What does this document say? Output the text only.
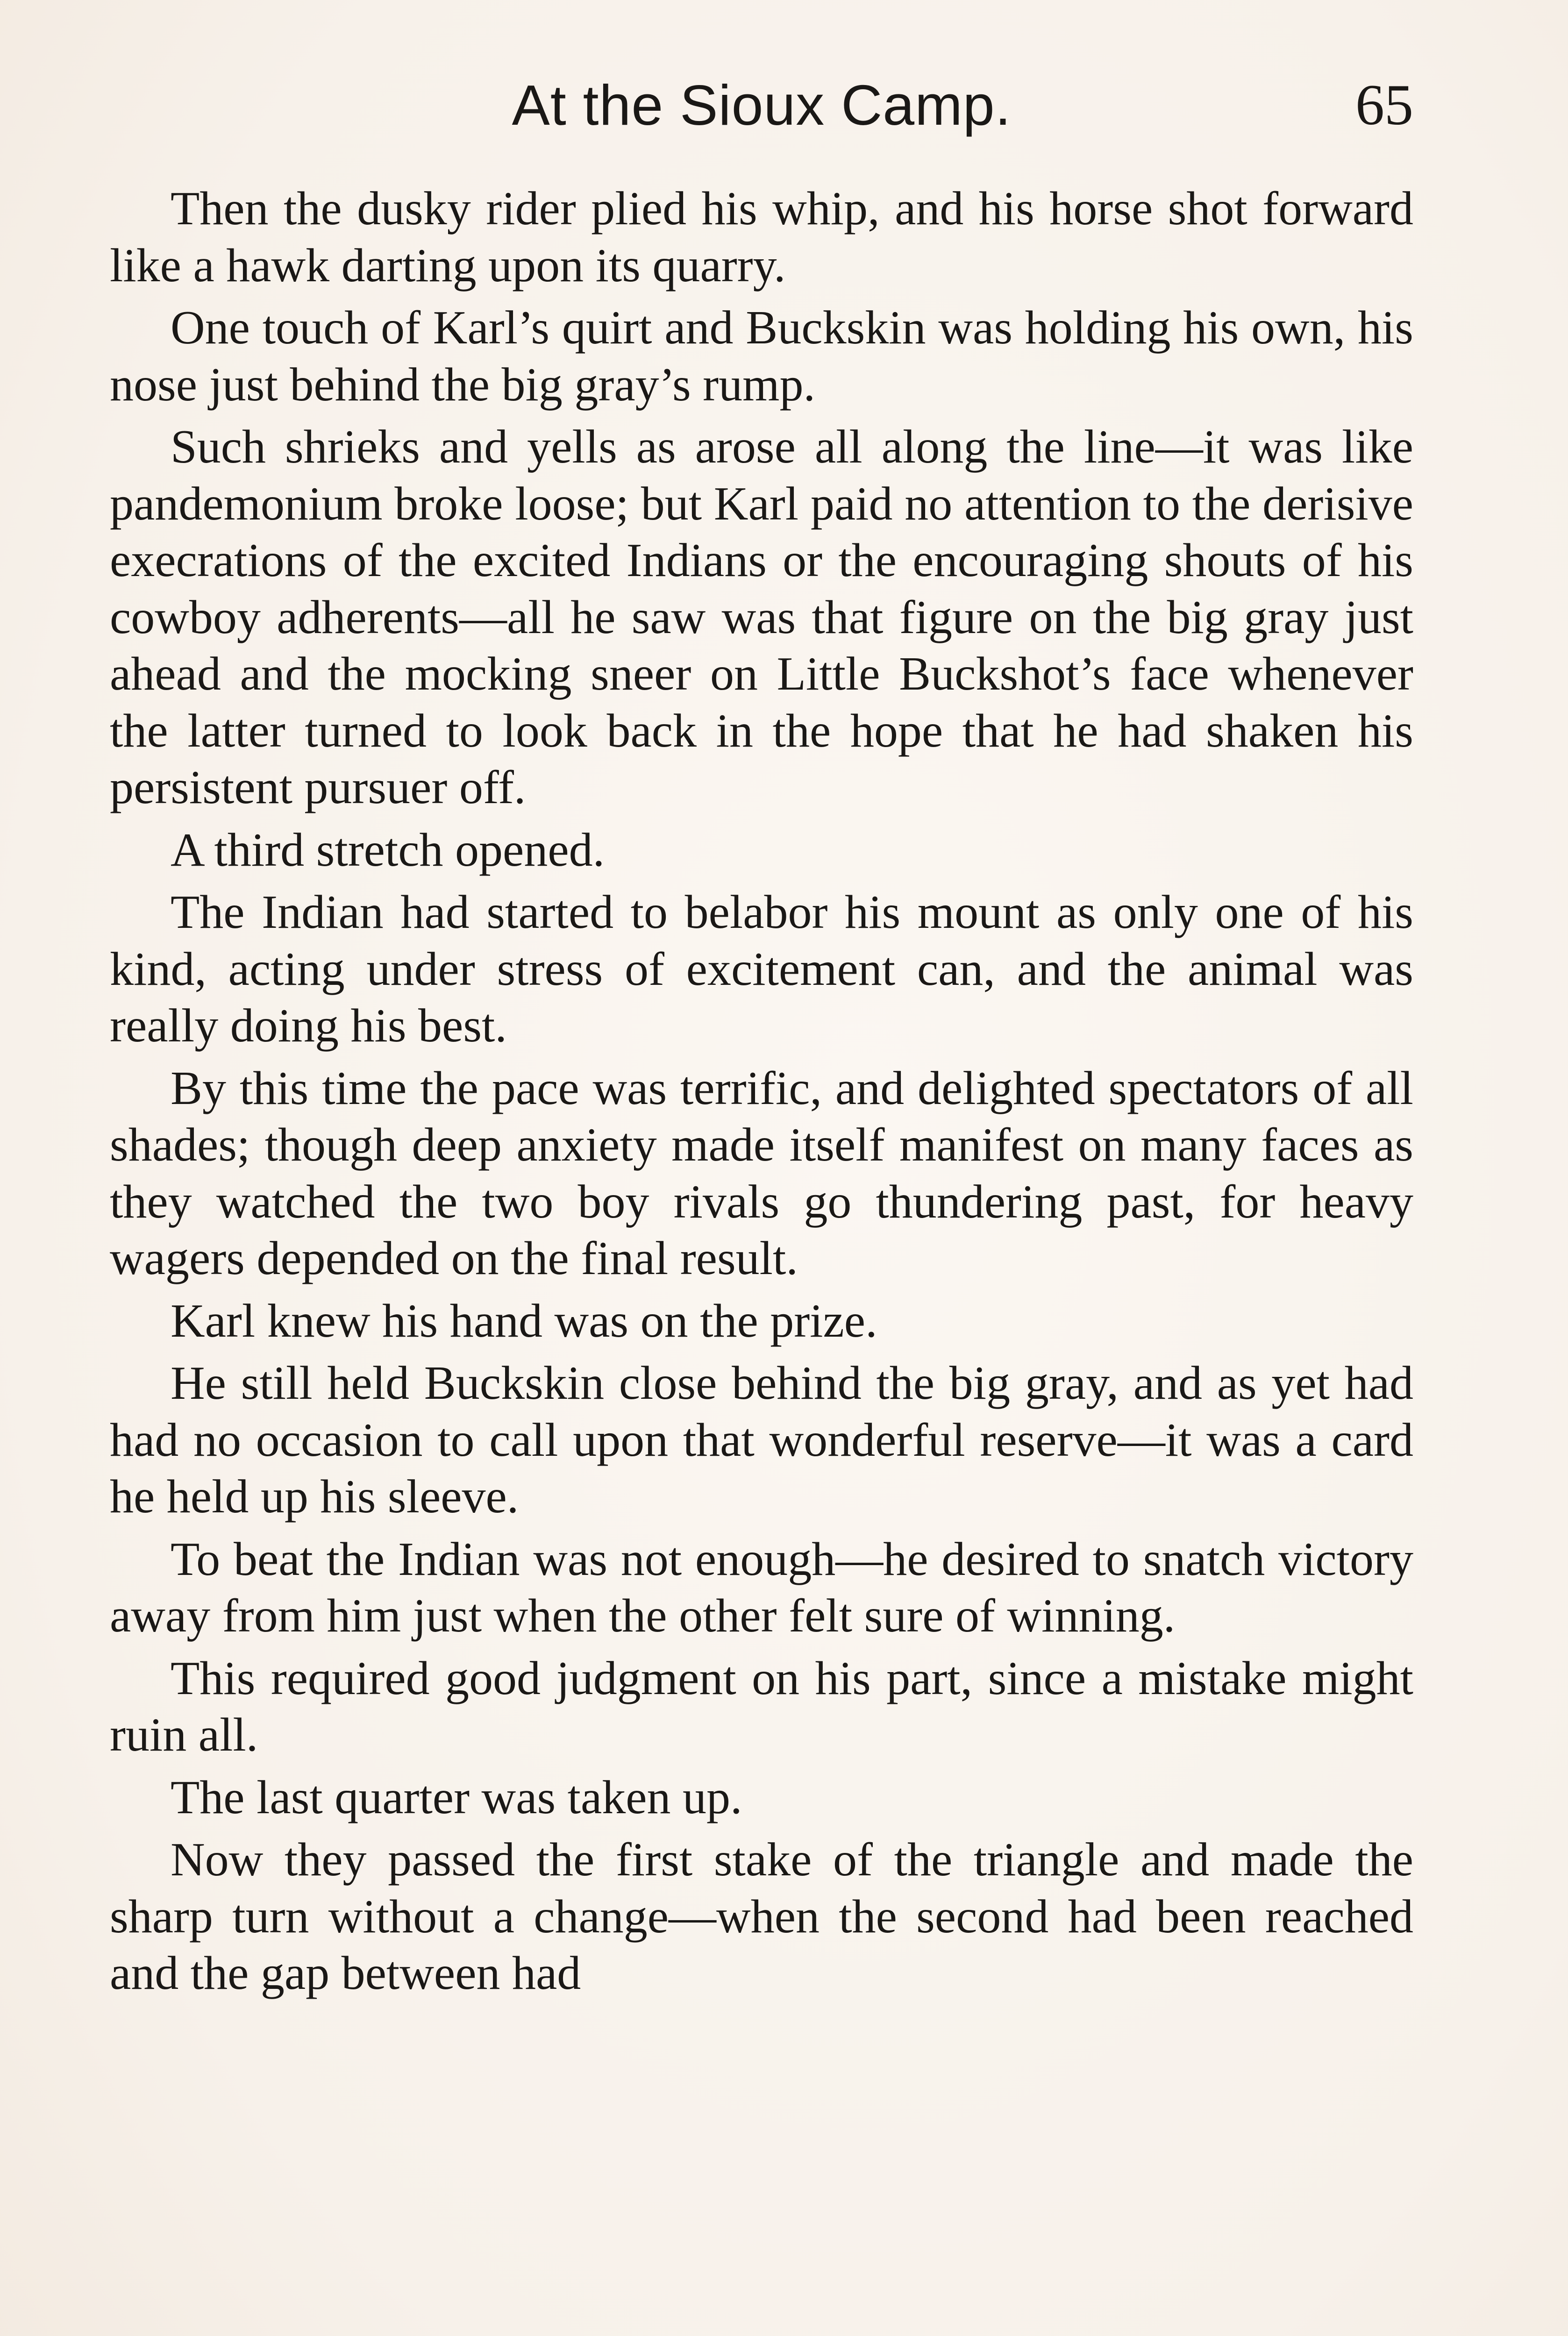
At the Sioux Camp.	65

Then the dusky rider plied his whip, and his horse shot forward like a hawk darting upon its quarry.

One touch of Karl’s quirt and Buckskin was holding his own, his nose just behind the big gray’s rump.

Such shrieks and yells as arose all along the line—it was like pandemonium broke loose; but Karl paid no attention to the derisive execrations of the excited Indians or the encouraging shouts of his cowboy adherents—all he saw was that figure on the big gray just ahead and the mocking sneer on Little Buckshot’s face whenever the latter turned to look back in the hope that he had shaken his persistent pursuer off.

A third stretch opened.

The Indian had started to belabor his mount as only one of his kind, acting under stress of excitement can, and the animal was really doing his best.

By this time the pace was terrific, and delighted spectators of all shades; though deep anxiety made itself manifest on many faces as they watched the two boy rivals go thundering past, for heavy wagers depended on the final result.

Karl knew his hand was on the prize.

He still held Buckskin close behind the big gray, and as yet had had no occasion to call upon that wonderful reserve—it was a card he held up his sleeve.

To beat the Indian was not enough—he desired to snatch victory away from him just when the other felt sure of winning.

This required good judgment on his part, since a mistake might ruin all.

The last quarter was taken up.

Now they passed the first stake of the triangle and made the sharp turn without a change—when the second had been reached and the gap between had
